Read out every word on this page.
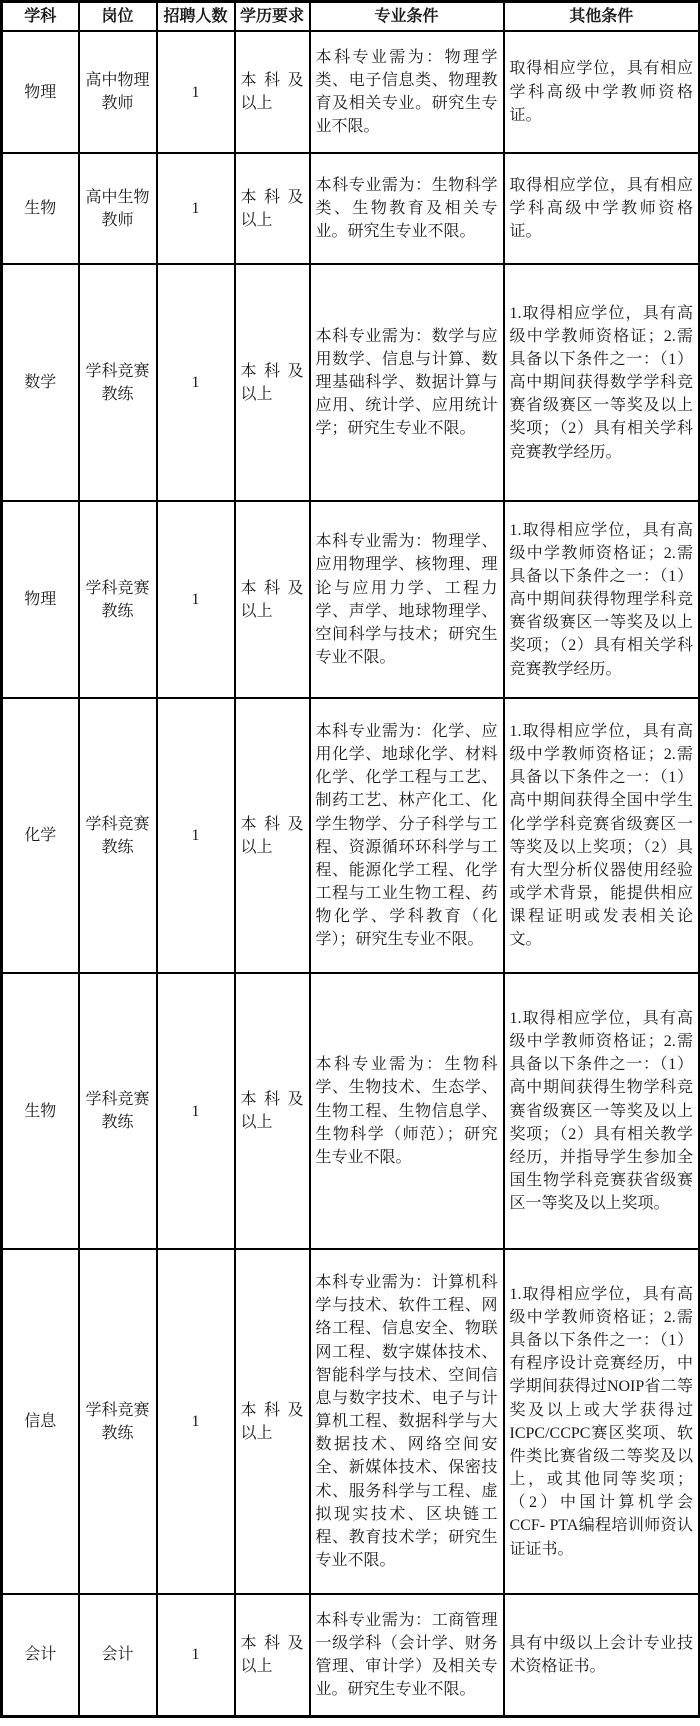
学科	岗位	招聘人数	学历要求	专业条件	其他条件
物理	高中物理教师	1	本科及以上	本科专业需为：物理学类、电子信息类、物理教育及相关专业。研究生专业不限。	取得相应学位，具有相应学科高级中学教师资格证。
生物	高中生物教师	1	本科及以上	本科专业需为：生物科学类、生物教育及相关专业。研究生专业不限。	取得相应学位，具有相应学科高级中学教师资格证。
数学	学科竞赛教练	1	本科及以上	本科专业需为：数学与应用数学、信息与计算、数理基础科学、数据计算与应用、统计学、应用统计学；研究生专业不限。	1.取得相应学位，具有高级中学教师资格证；2.需具备以下条件之一：（1）高中期间获得数学学科竞赛省级赛区一等奖及以上奖项；（2）具有相关学科竞赛教学经历。
物理	学科竞赛教练	1	本科及以上	本科专业需为：物理学、应用物理学、核物理、理论与应用力学、工程力学、声学、地球物理学、空间科学与技术；研究生专业不限。	1.取得相应学位，具有高级中学教师资格证；2.需具备以下条件之一：（1）高中期间获得物理学科竞赛省级赛区一等奖及以上奖项；（2）具有相关学科竞赛教学经历。
化学	学科竞赛教练	1	本科及以上	本科专业需为：化学、应用化学、地球化学、材料化学、化学工程与工艺、制药工艺、林产化工、化学生物学、分子科学与工程、资源循环环科学与工程、能源化学工程、化学工程与工业生物工程、药物化学、学科教育（化学）；研究生专业不限。	1.取得相应学位，具有高级中学教师资格证；2.需具备以下条件之一：（1）高中期间获得全国中学生化学学科竞赛省级赛区一等奖及以上奖项；（2）具有大型分析仪器使用经验或学术背景，能提供相应课程证明或发表相关论文。
生物	学科竞赛教练	1	本科及以上	本科专业需为：生物科学、生物技术、生态学、生物工程、生物信息学、生物科学（师范）；研究生专业不限。	1.取得相应学位，具有高级中学教师资格证；2.需具备以下条件之一：（1）高中期间获得生物学科竞赛省级赛区一等奖及以上奖项；（2）具有相关教学经历，并指导学生参加全国生物学科竞赛获省级赛区一等奖及以上奖项。
信息	学科竞赛教练	1	本科及以上	本科专业需为：计算机科学与技术、软件工程、网络工程、信息安全、物联网工程、数字媒体技术、智能科学与技术、空间信息与数字技术、电子与计算机工程、数据科学与大数据技术、网络空间安全、新媒体技术、保密技术、服务科学与工程、虚拟现实技术、区块链工程、教育技术学；研究生专业不限。	1.取得相应学位，具有高级中学教师资格证；2.需具备以下条件之一：（1）有程序设计竞赛经历，中学期间获得过NOIP省二等奖及以上或大学获得过ICPC/CCPC赛区奖项、软件类比赛省级二等奖及以上，或其他同等奖项；（2）中国计算机学会CCF- PTA编程培训师资认证证书。
会计	会计	1	本科及以上	本科专业需为：工商管理一级学科（会计学、财务管理、审计学）及相关专业。研究生专业不限。	具有中级以上会计专业技术资格证书。
